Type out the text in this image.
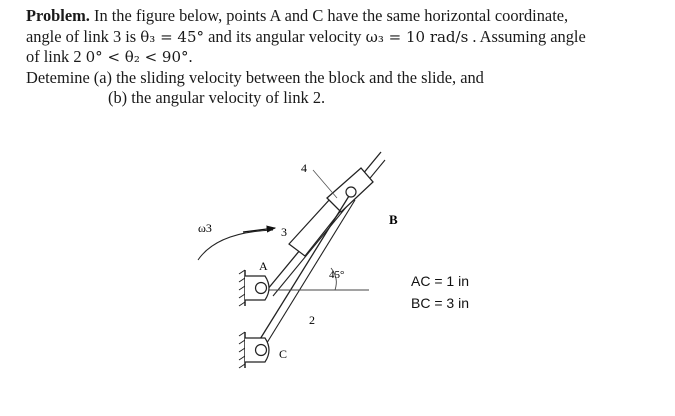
Problem. In the figure below, points A and C have the same horizontal coordinate,

angle of link 3 is θ₃ = 45° and its angular velocity ω₃ = 10 rad/s . Assuming angle

of link 2 0° < θ₂ < 90°.

Detemine (a) the sliding velocity between the block and the slide, and

(b) the angular velocity of link 2.

ω3	3
4
2
A
B
C
45°	AC = 1 in
BC = 3 in
